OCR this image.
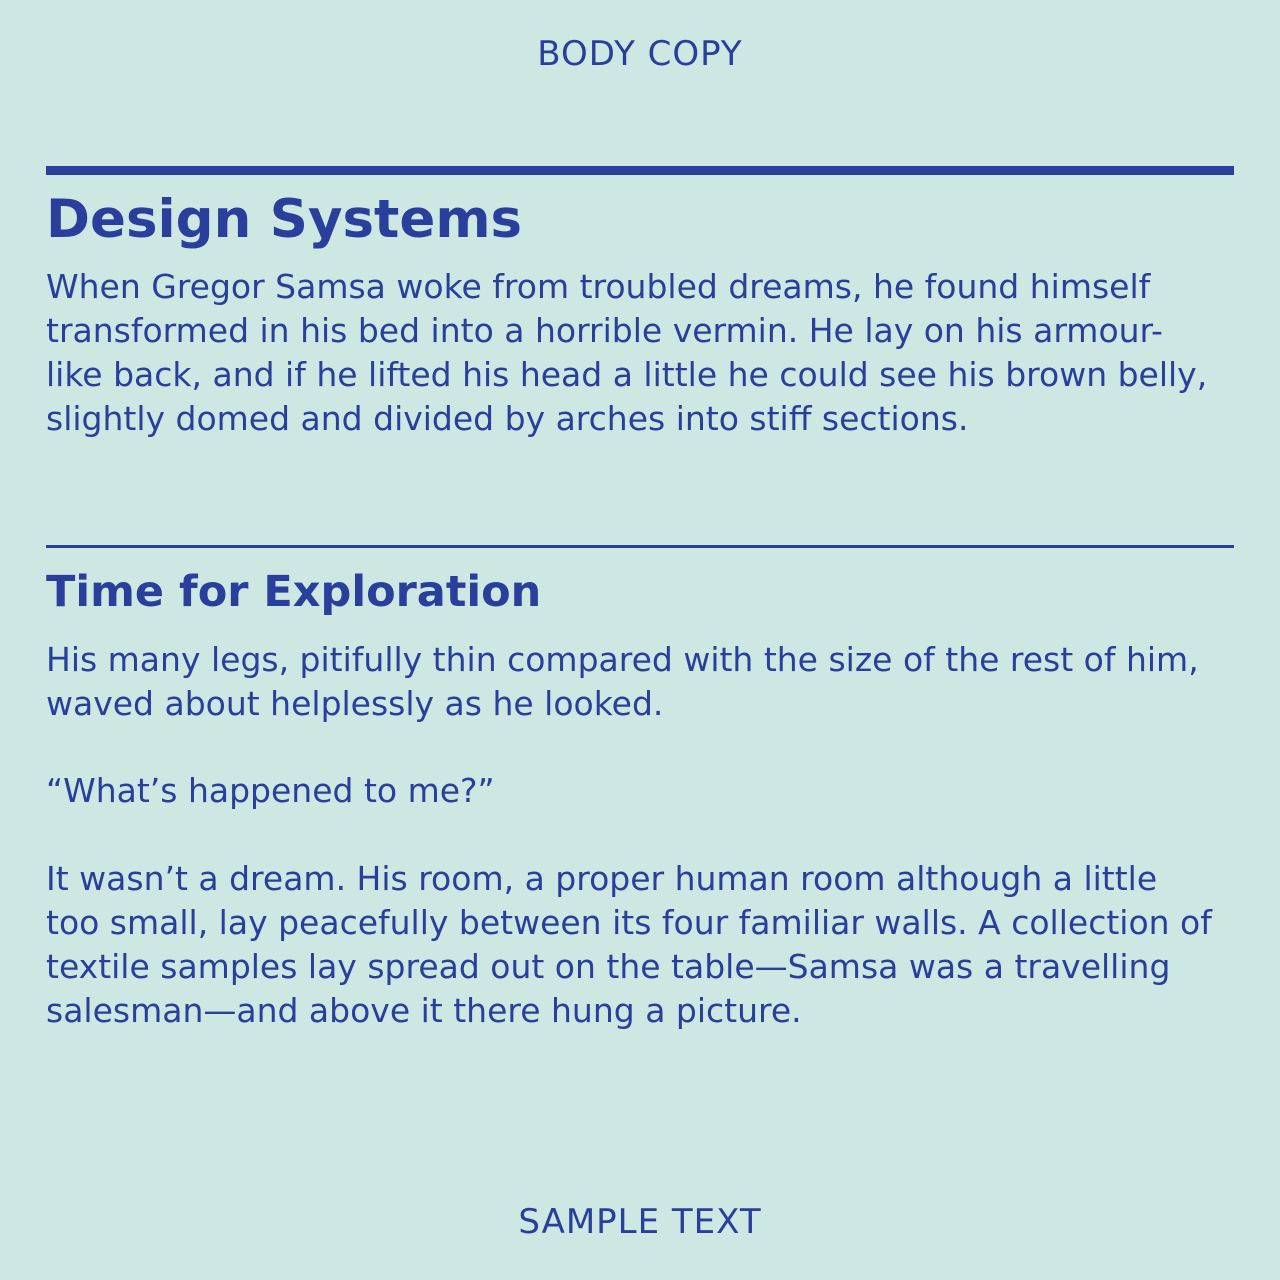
BODY COPY
Design Systems

When Gregor Samsa woke from troubled dreams, he found himself transformed in his bed into a horrible vermin. He lay on his armour-like back, and if he lifted his head a little he could see his brown belly, slightly domed and divided by arches into stiff sections.

Time for Exploration

His many legs, pitifully thin compared with the size of the rest of him, waved about helplessly as he looked.

“What’s happened to me?”

It wasn’t a dream. His room, a proper human room although a little too small, lay peacefully between its four familiar walls. A collection of textile samples lay spread out on the table—Samsa was a travelling salesman—and above it there hung a picture.

SAMPLE TEXT
